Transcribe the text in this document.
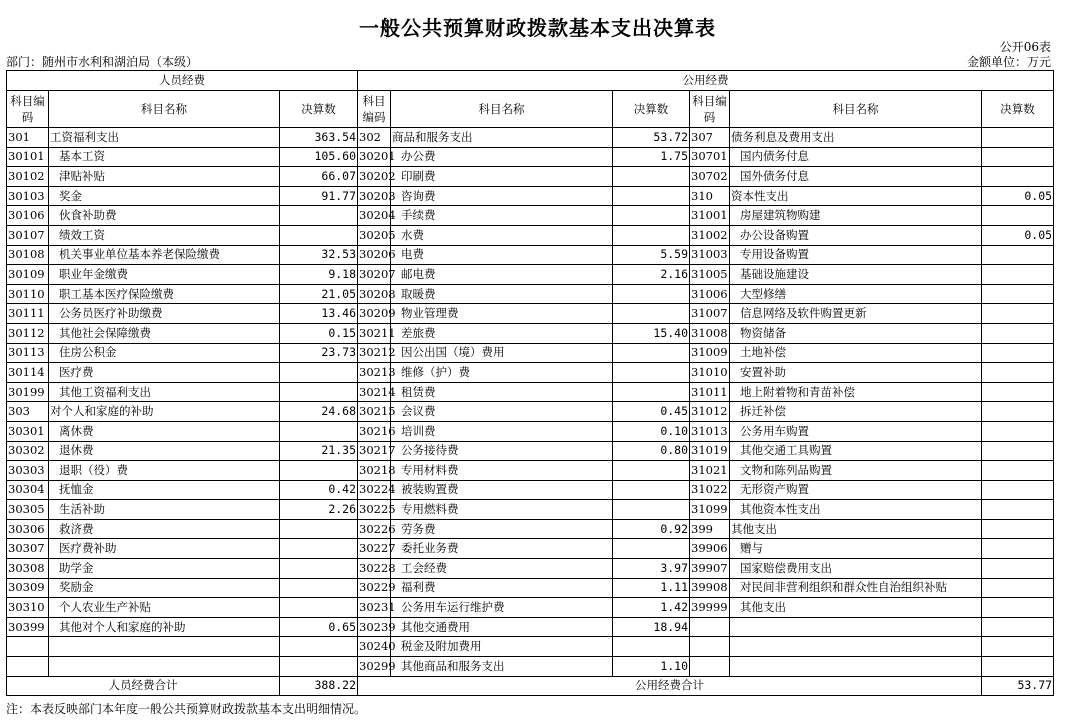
一般公共预算财政拨款基本支出决算表
公开06表
部门：随州市水利和湖泊局（本级）	金额单位：万元
人员经费			公用经费					
科目编码	科目名称	决算数	科目编码	科目名称	决算数	科目编码	科目名称	决算数
301	工资福利支出	363.54	302	商品和服务支出	53.72	307	债务利息及费用支出	
30101	基本工资	105.60	30201	办公费	1.75	30701	国内债务付息	
30102	津贴补贴	66.07	30202	印刷费		30702	国外债务付息	
30103	奖金	91.77	30203	咨询费		310	资本性支出	0.05
30106	伙食补助费		30204	手续费		31001	房屋建筑物购建	
30107	绩效工资		30205	水费		31002	办公设备购置	0.05
30108	机关事业单位基本养老保险缴费	32.53	30206	电费	5.59	31003	专用设备购置	
30109	职业年金缴费	9.18	30207	邮电费	2.16	31005	基础设施建设	
30110	职工基本医疗保险缴费	21.05	30208	取暖费		31006	大型修缮	
30111	公务员医疗补助缴费	13.46	30209	物业管理费		31007	信息网络及软件购置更新	
30112	其他社会保障缴费	0.15	30211	差旅费	15.40	31008	物资储备	
30113	住房公积金	23.73	30212	因公出国（境）费用		31009	土地补偿	
30114	医疗费		30213	维修（护）费		31010	安置补助	
30199	其他工资福利支出		30214	租赁费		31011	地上附着物和青苗补偿	
303	对个人和家庭的补助	24.68	30215	会议费	0.45	31012	拆迁补偿	
30301	离休费		30216	培训费	0.10	31013	公务用车购置	
30302	退休费	21.35	30217	公务接待费	0.80	31019	其他交通工具购置	
30303	退职（役）费		30218	专用材料费		31021	文物和陈列品购置	
30304	抚恤金	0.42	30224	被装购置费		31022	无形资产购置	
30305	生活补助	2.26	30225	专用燃料费		31099	其他资本性支出	
30306	救济费		30226	劳务费	0.92	399	其他支出	
30307	医疗费补助		30227	委托业务费		39906	赠与	
30308	助学金		30228	工会经费	3.97	39907	国家赔偿费用支出	
30309	奖励金		30229	福利费	1.11	39908	对民间非营利组织和群众性自治组织补贴	
30310	个人农业生产补贴		30231	公务用车运行维护费	1.42	39999	其他支出	
30399	其他对个人和家庭的补助	0.65	30239	其他交通费用	18.94			
			30240	税金及附加费用				
			30299	其他商品和服务支出	1.10			
人员经费合计		388.22	公用经费合计					53.77
注：本表反映部门本年度一般公共预算财政拨款基本支出明细情况。
